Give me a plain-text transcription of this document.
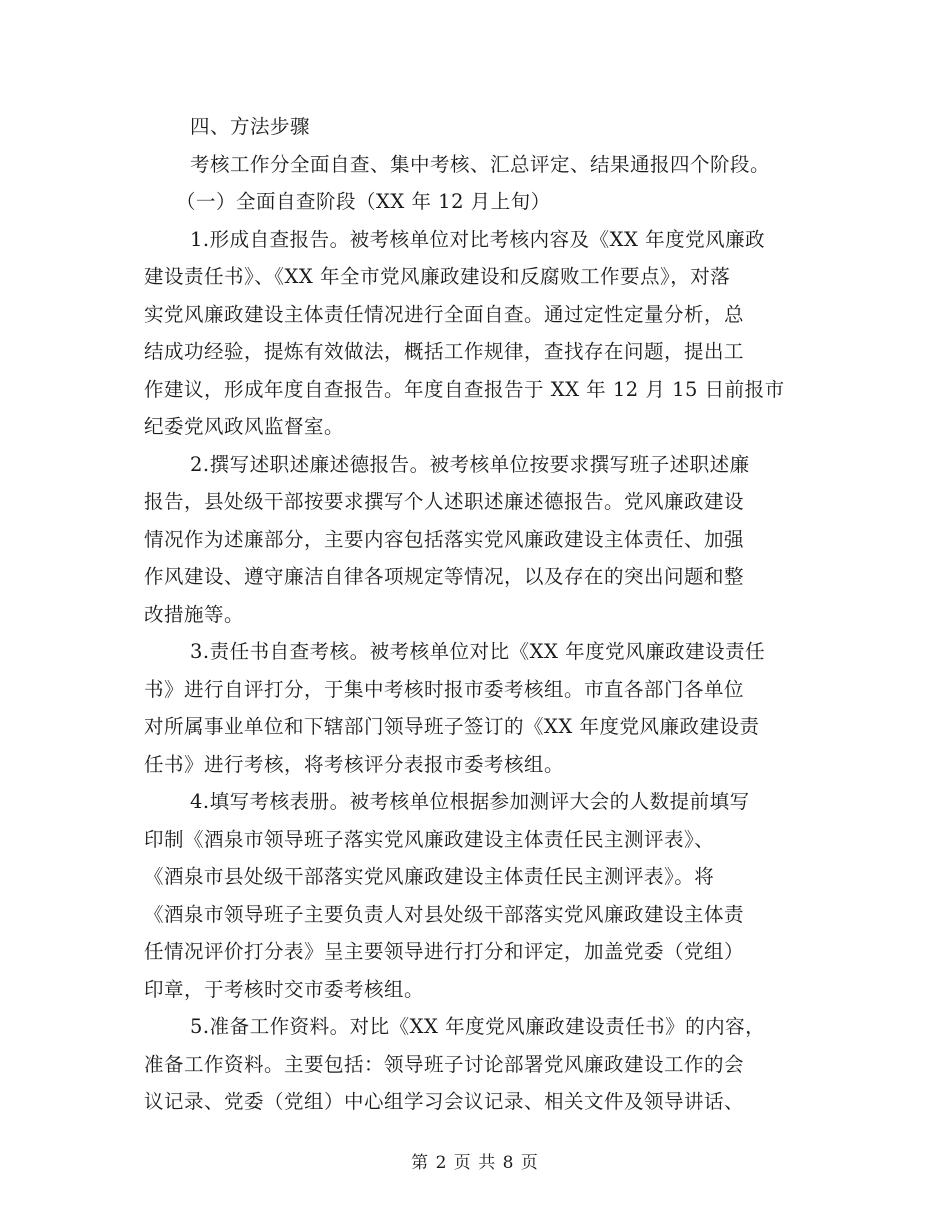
四、方法步骤
考核工作分全面自查、集中考核、汇总评定、结果通报四个阶段。
（一）全面自查阶段（XX 年 12 月上旬）
1.形成自查报告。被考核单位对比考核内容及《XX 年度党风廉政
建设责任书》、《XX 年全市党风廉政建设和反腐败工作要点》，对落
实党风廉政建设主体责任情况进行全面自查。通过定性定量分析，总
结成功经验，提炼有效做法，概括工作规律，查找存在问题，提出工
作建议，形成年度自查报告。年度自查报告于 XX 年 12 月 15 日前报市
纪委党风政风监督室。
2.撰写述职述廉述德报告。被考核单位按要求撰写班子述职述廉
报告，县处级干部按要求撰写个人述职述廉述德报告。党风廉政建设
情况作为述廉部分，主要内容包括落实党风廉政建设主体责任、加强
作风建设、遵守廉洁自律各项规定等情况，以及存在的突出问题和整
改措施等。
3.责任书自查考核。被考核单位对比《XX 年度党风廉政建设责任
书》进行自评打分，于集中考核时报市委考核组。市直各部门各单位
对所属事业单位和下辖部门领导班子签订的《XX 年度党风廉政建设责
任书》进行考核，将考核评分表报市委考核组。
4.填写考核表册。被考核单位根据参加测评大会的人数提前填写
印制《酒泉市领导班子落实党风廉政建设主体责任民主测评表》、
《酒泉市县处级干部落实党风廉政建设主体责任民主测评表》。将
《酒泉市领导班子主要负责人对县处级干部落实党风廉政建设主体责
任情况评价打分表》呈主要领导进行打分和评定，加盖党委（党组）
印章，于考核时交市委考核组。
5.准备工作资料。对比《XX 年度党风廉政建设责任书》的内容，
准备工作资料。主要包括：领导班子讨论部署党风廉政建设工作的会
议记录、党委（党组）中心组学习会议记录、相关文件及领导讲话、
第 2 页 共 8 页
